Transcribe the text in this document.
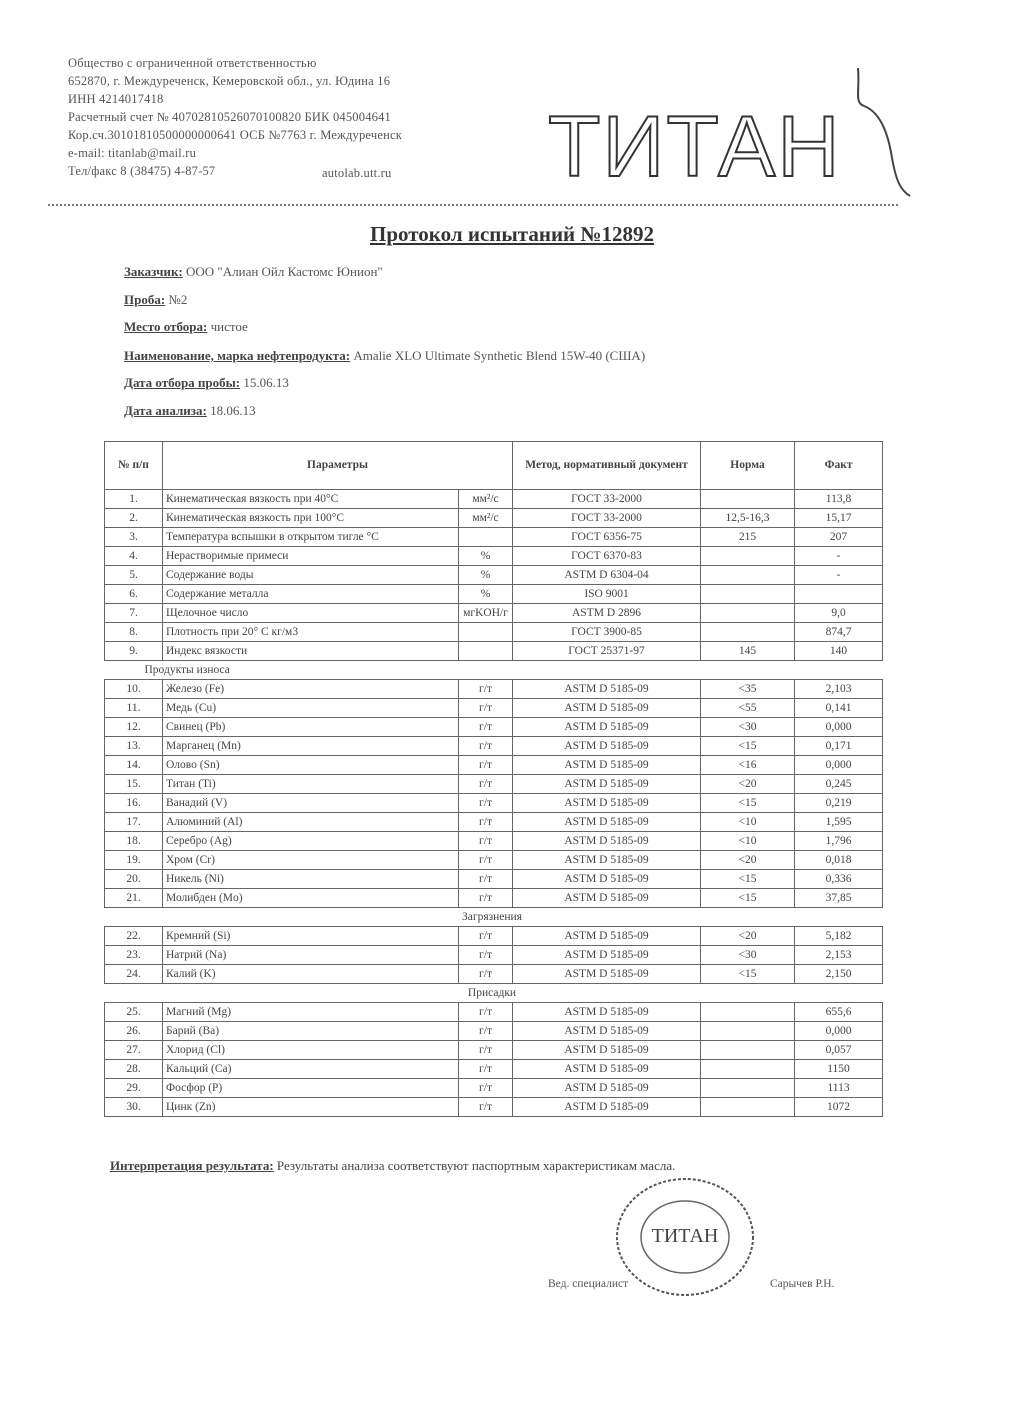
Общество с ограниченной ответственностью
652870, г. Междуреченск, Кемеровской обл., ул. Юдина 16
ИНН 4214017418
Расчетный счет № 40702810526070100820 БИК 045004641
Кор.сч.30101810500000000641 ОСБ №7763 г. Междуреченск
e-mail: titanlab@mail.ru
Тел/факс 8 (38475) 4-87-57	autolab.utt.ru ТИТАН
Протокол испытаний №12892
Заказчик: ООО "Алиан Ойл Кастомс Юнион"
Проба: №2
Место отбора: чистое
Наименование, марка нефтепродукта: Amalie XLO Ultimate Synthetic Blend 15W-40 (США)
Дата отбора пробы: 15.06.13
Дата анализа: 18.06.13
№ п/п	Параметры		Метод, нормативный документ	Норма	Факт
1.	Кинематическая вязкость при 40°C	мм²/с	ГОСТ 33-2000		113,8
2.	Кинематическая вязкость при 100°C	мм²/с	ГОСТ 33-2000	12,5-16,3	15,17
3.	Температура вспышки в открытом тигле °C		ГОСТ 6356-75	215	207
4.	Нерастворимые примеси	%	ГОСТ 6370-83		-
5.	Содержание воды	%	ASTM D 6304-04		-
6.	Содержание металла	%	ISO 9001		
7.	Щелочное число	мгKOH/г	ASTM D 2896		9,0
8.	Плотность при 20° C кг/м3		ГОСТ 3900-85		874,7
9.	Индекс вязкости		ГОСТ 25371-97	145	140
Продукты износа					
10.	Железо (Fe)	г/т	ASTM D 5185-09	<35	2,103
11.	Медь (Cu)	г/т	ASTM D 5185-09	<55	0,141
12.	Свинец (Pb)	г/т	ASTM D 5185-09	<30	0,000
13.	Марганец (Mn)	г/т	ASTM D 5185-09	<15	0,171
14.	Олово (Sn)	г/т	ASTM D 5185-09	<16	0,000
15.	Титан (Ti)	г/т	ASTM D 5185-09	<20	0,245
16.	Ванадий (V)	г/т	ASTM D 5185-09	<15	0,219
17.	Алюминий (Al)	г/т	ASTM D 5185-09	<10	1,595
18.	Серебро (Ag)	г/т	ASTM D 5185-09	<10	1,796
19.	Хром (Cr)	г/т	ASTM D 5185-09	<20	0,018
20.	Никель (Ni)	г/т	ASTM D 5185-09	<15	0,336
21.	Молибден (Mo)	г/т	ASTM D 5185-09	<15	37,85
Загрязнения					
22.	Кремний (Si)	г/т	ASTM D 5185-09	<20	5,182
23.	Натрий (Na)	г/т	ASTM D 5185-09	<30	2,153
24.	Калий (K)	г/т	ASTM D 5185-09	<15	2,150
Присадки					
25.	Магний (Mg)	г/т	ASTM D 5185-09		655,6
26.	Барий (Ba)	г/т	ASTM D 5185-09		0,000
27.	Хлорид (Cl)	г/т	ASTM D 5185-09		0,057
28.	Кальций (Ca)	г/т	ASTM D 5185-09		1150
29.	Фосфор (P)	г/т	ASTM D 5185-09		1113
30.	Цинк (Zn)	г/т	ASTM D 5185-09		1072
Интерпретация результата: Результаты анализа соответствуют паспортным характеристикам масла.
ТИТАН
Вед. специалист	Сарычев Р.Н.
